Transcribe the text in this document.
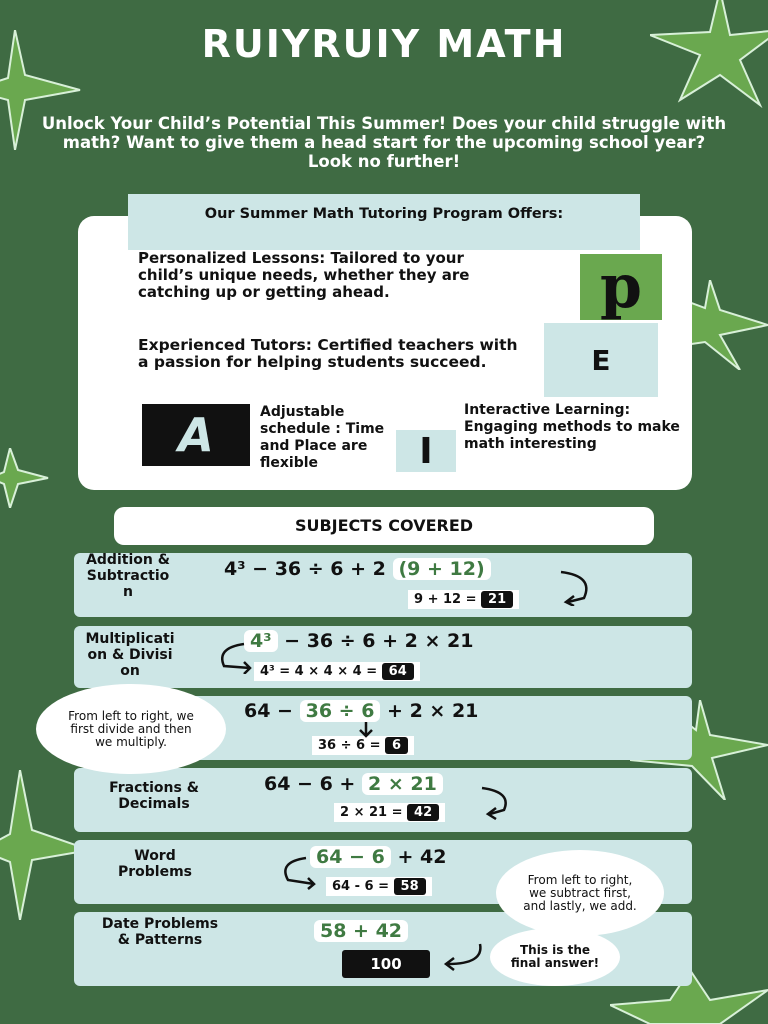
RUIYRUIY MATH
Unlock Your Child’s Potential This Summer! Does your child struggle with math? Want to give them a head start for the upcoming school year? Look no further!
Our Summer Math Tutoring Program Offers:
Personalized Lessons: Tailored to your child’s unique needs, whether they are catching up or getting ahead.
Experienced Tutors: Certified teachers with a passion for helping students succeed.
Adjustable schedule : Time and Place are flexible
Interactive Learning: Engaging methods to make math interesting
p
E
A	I
SUBJECTS COVERED
Addition & Subtraction
4³ − 36 ÷ 6 + 2 (9 + 12)
9 + 12 = 21
Multiplication & Division
4³ − 36 ÷ 6 + 2 × 21
4³ = 4 × 4 × 4 = 64
64 − 36 ÷ 6 + 2 × 21
36 ÷ 6 = 6
Fractions & Decimals
64 − 6 + 2 × 21
2 × 21 = 42
Word Problems
64 − 6 + 42
64 - 6 = 58
Date Problems & Patterns	58 + 42
100
From left to right, we first divide and then we multiply.
From left to right, we subtract first, and lastly, we add.
This is the final answer!
